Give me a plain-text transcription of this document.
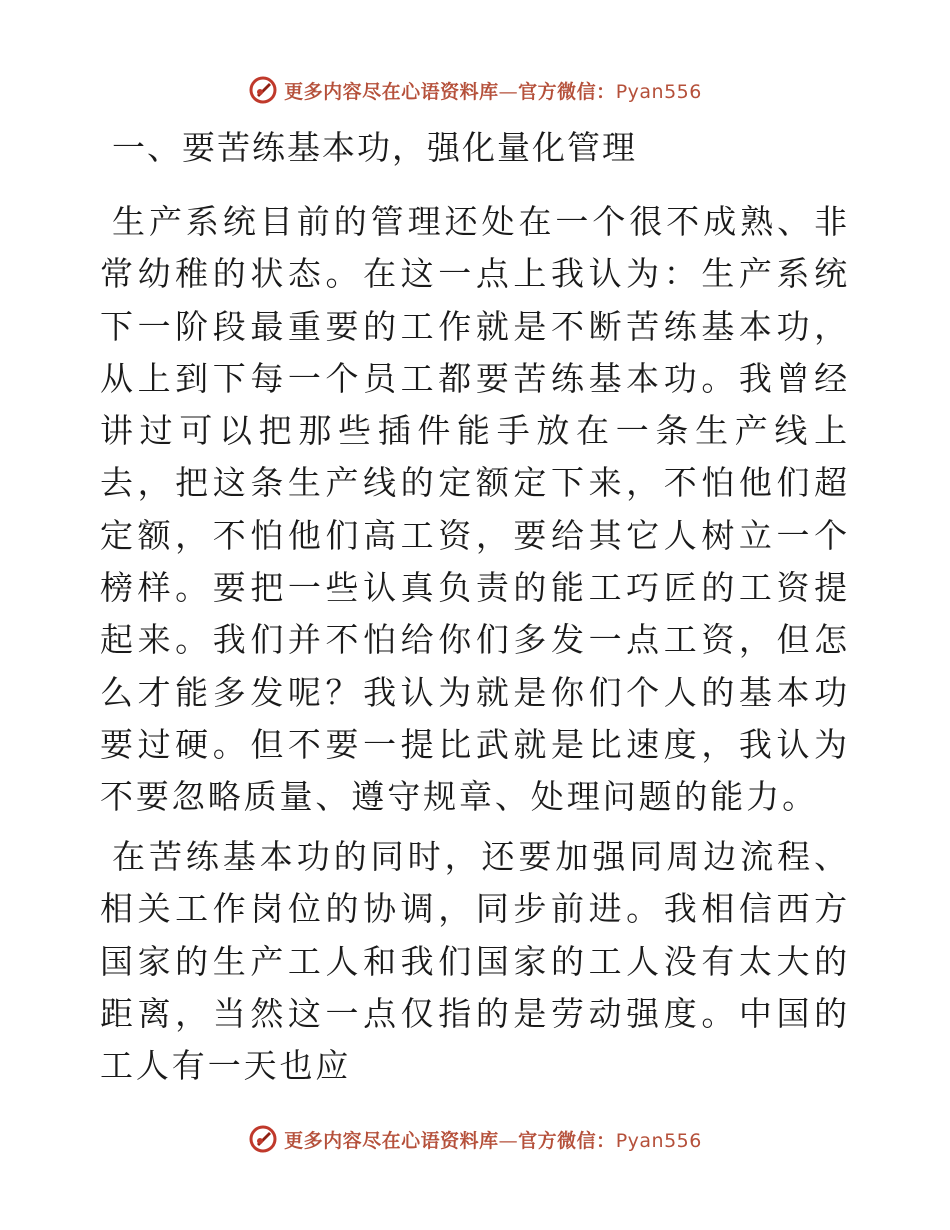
更多内容尽在心语资料库—官方微信：Pyan556
一、要苦练基本功，强化量化管理

生产系统目前的管理还处在一个很不成熟、非常幼稚的状态。在这一点上我认为：生产系统下一阶段最重要的工作就是不断苦练基本功，从上到下每一个员工都要苦练基本功。我曾经讲过可以把那些插件能手放在一条生产线上去，把这条生产线的定额定下来，不怕他们超定额，不怕他们高工资，要给其它人树立一个榜样。要把一些认真负责的能工巧匠的工资提起来。我们并不怕给你们多发一点工资，但怎么才能多发呢？我认为就是你们个人的基本功要过硬。但不要一提比武就是比速度，我认为不要忽略质量、遵守规章、处理问题的能力。

在苦练基本功的同时，还要加强同周边流程、相关工作岗位的协调，同步前进。我相信西方国家的生产工人和我们国家的工人没有太大的距离，当然这一点仅指的是劳动强度。中国的工人有一天也应

更多内容尽在心语资料库—官方微信：Pyan556
